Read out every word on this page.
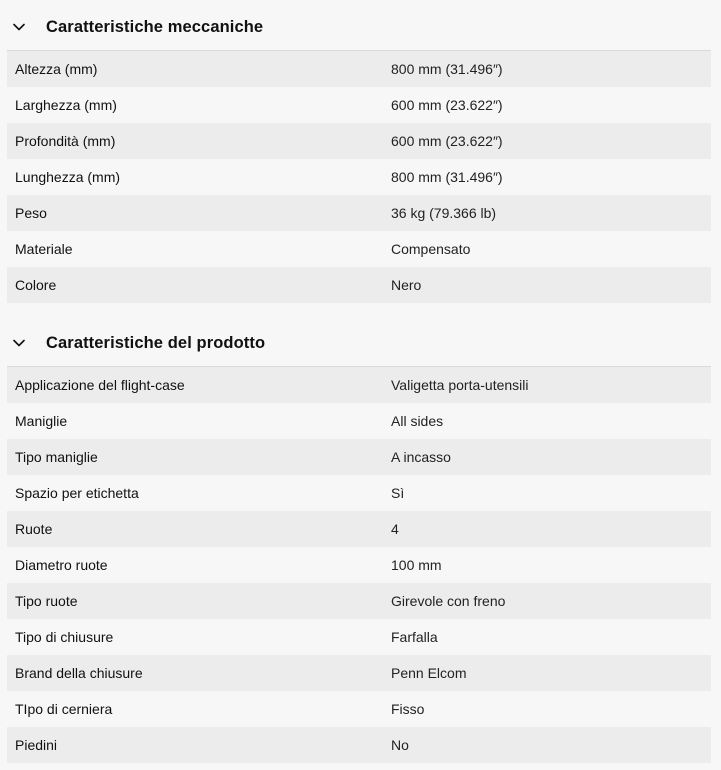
Caratteristiche meccaniche
Altezza (mm)	800 mm (31.496″)
Larghezza (mm)	600 mm (23.622″)
Profondità (mm)	600 mm (23.622″)
Lunghezza (mm)	800 mm (31.496″)
Peso	36 kg (79.366 lb)
Materiale	Compensato
Colore	Nero
Caratteristiche del prodotto
Applicazione del flight-case	Valigetta porta-utensili
Maniglie	All sides
Tipo maniglie	A incasso
Spazio per etichetta	Sì
Ruote	4
Diametro ruote	100 mm
Tipo ruote	Girevole con freno
Tipo di chiusure	Farfalla
Brand della chiusure	Penn Elcom
TIpo di cerniera	Fisso
Piedini	No
